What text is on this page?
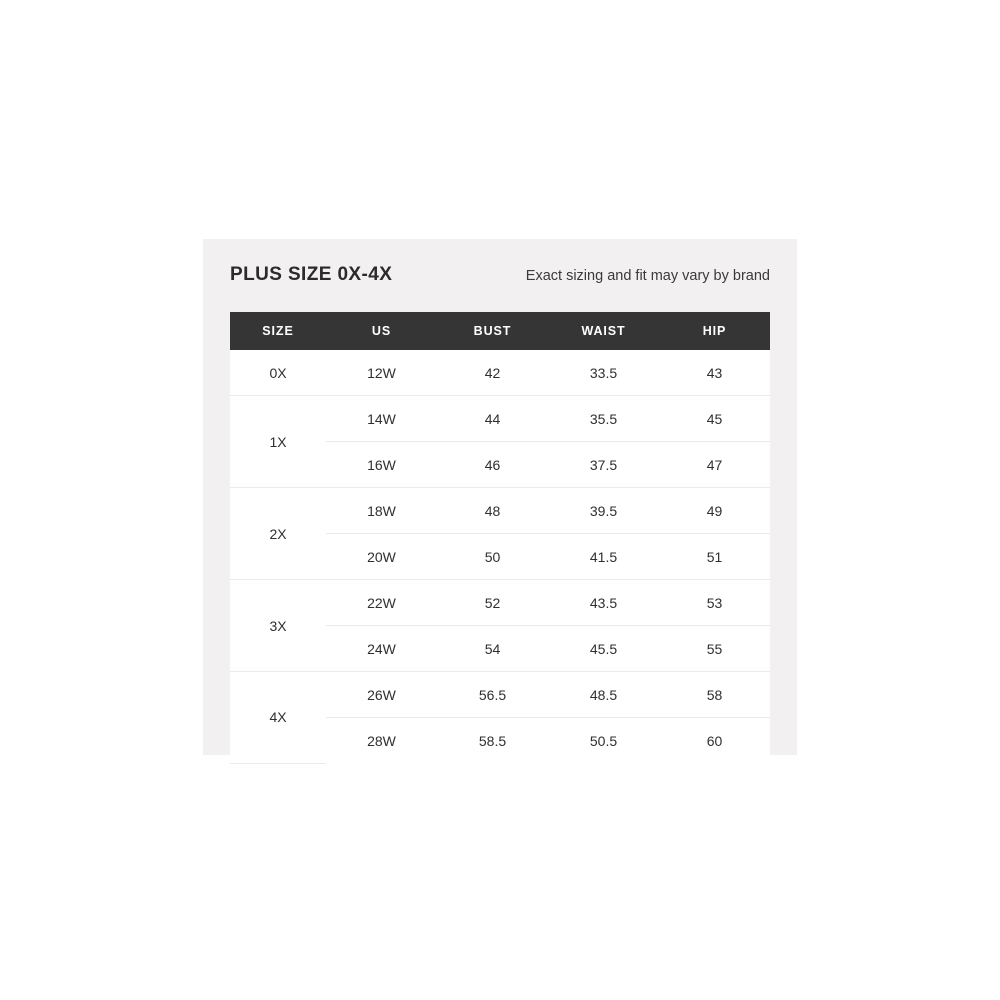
PLUS SIZE 0X-4X	Exact sizing and fit may vary by brand
SIZE	US	BUST	WAIST	HIP
0X	12W	42	33.5	43
1X	14W	44	35.5	45
	16W	46	37.5	47
2X	18W	48	39.5	49
	20W	50	41.5	51
3X	22W	52	43.5	53
	24W	54	45.5	55
4X	26W	56.5	48.5	58
	28W	58.5	50.5	60
